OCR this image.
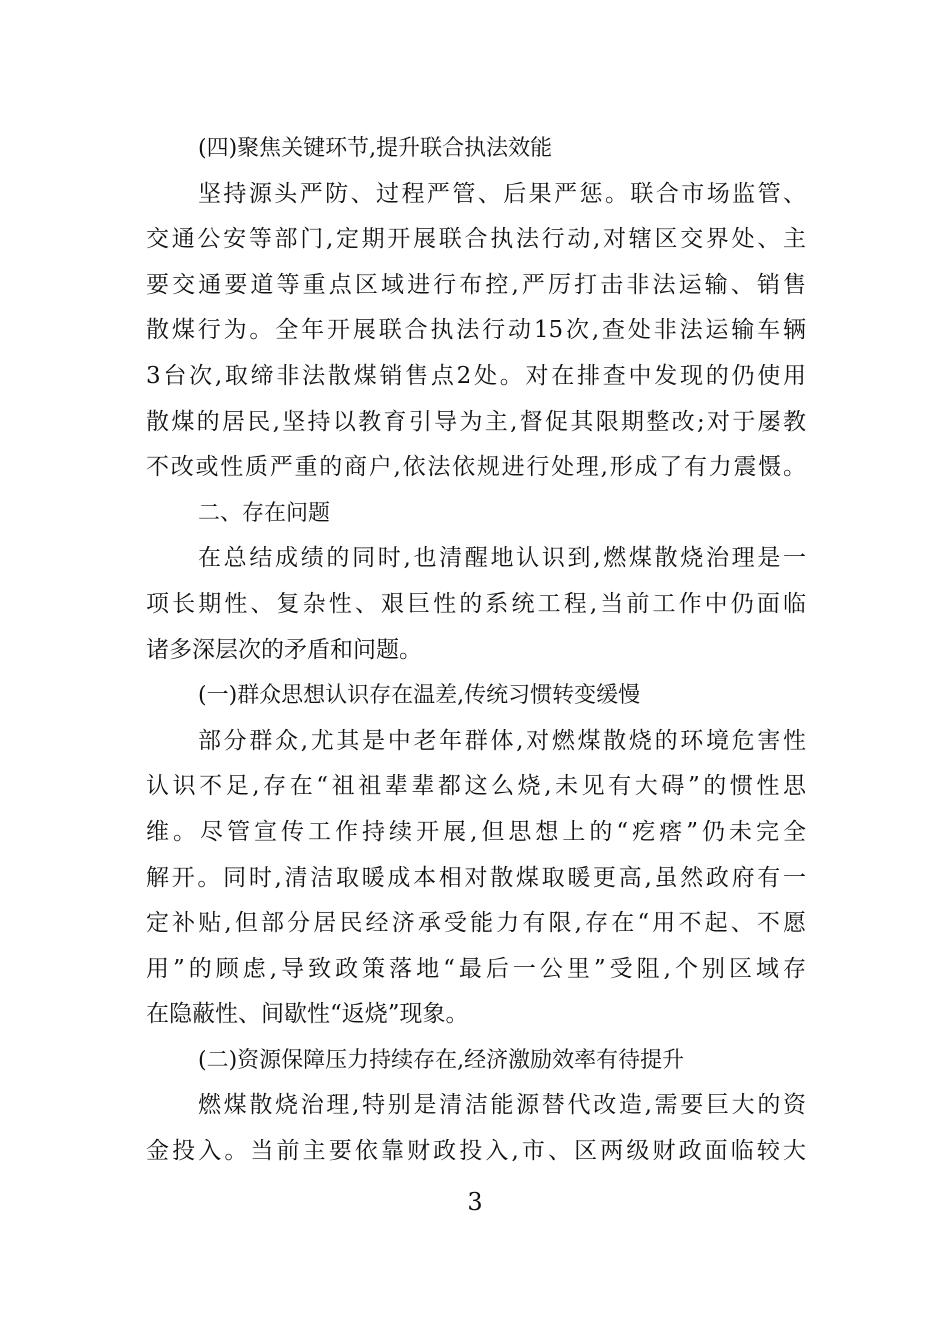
(四)聚焦关键环节,提升联合执法效能
坚持源头严防、过程严管、后果严惩。联合市场监管、
交通公安等部门,定期开展联合执法行动,对辖区交界处、主
要交通要道等重点区域进行布控,严厉打击非法运输、销售
散煤行为。全年开展联合执法行动15次,查处非法运输车辆
3台次,取缔非法散煤销售点2处。对在排查中发现的仍使用
散煤的居民,坚持以教育引导为主,督促其限期整改;对于屡教
不改或性质严重的商户,依法依规进行处理,形成了有力震慑。
二、存在问题
在总结成绩的同时,也清醒地认识到,燃煤散烧治理是一
项长期性、复杂性、艰巨性的系统工程,当前工作中仍面临
诸多深层次的矛盾和问题。
(一)群众思想认识存在温差,传统习惯转变缓慢
部分群众,尤其是中老年群体,对燃煤散烧的环境危害性
认识不足,存在“祖祖辈辈都这么烧,未见有大碍”的惯性思
维。尽管宣传工作持续开展,但思想上的“疙瘩”仍未完全
解开。同时,清洁取暖成本相对散煤取暖更高,虽然政府有一
定补贴,但部分居民经济承受能力有限,存在“用不起、不愿
用”的顾虑,导致政策落地“最后一公里”受阻,个别区域存
在隐蔽性、间歇性“返烧”现象。
(二)资源保障压力持续存在,经济激励效率有待提升
燃煤散烧治理,特别是清洁能源替代改造,需要巨大的资
金投入。当前主要依靠财政投入,市、区两级财政面临较大
3
